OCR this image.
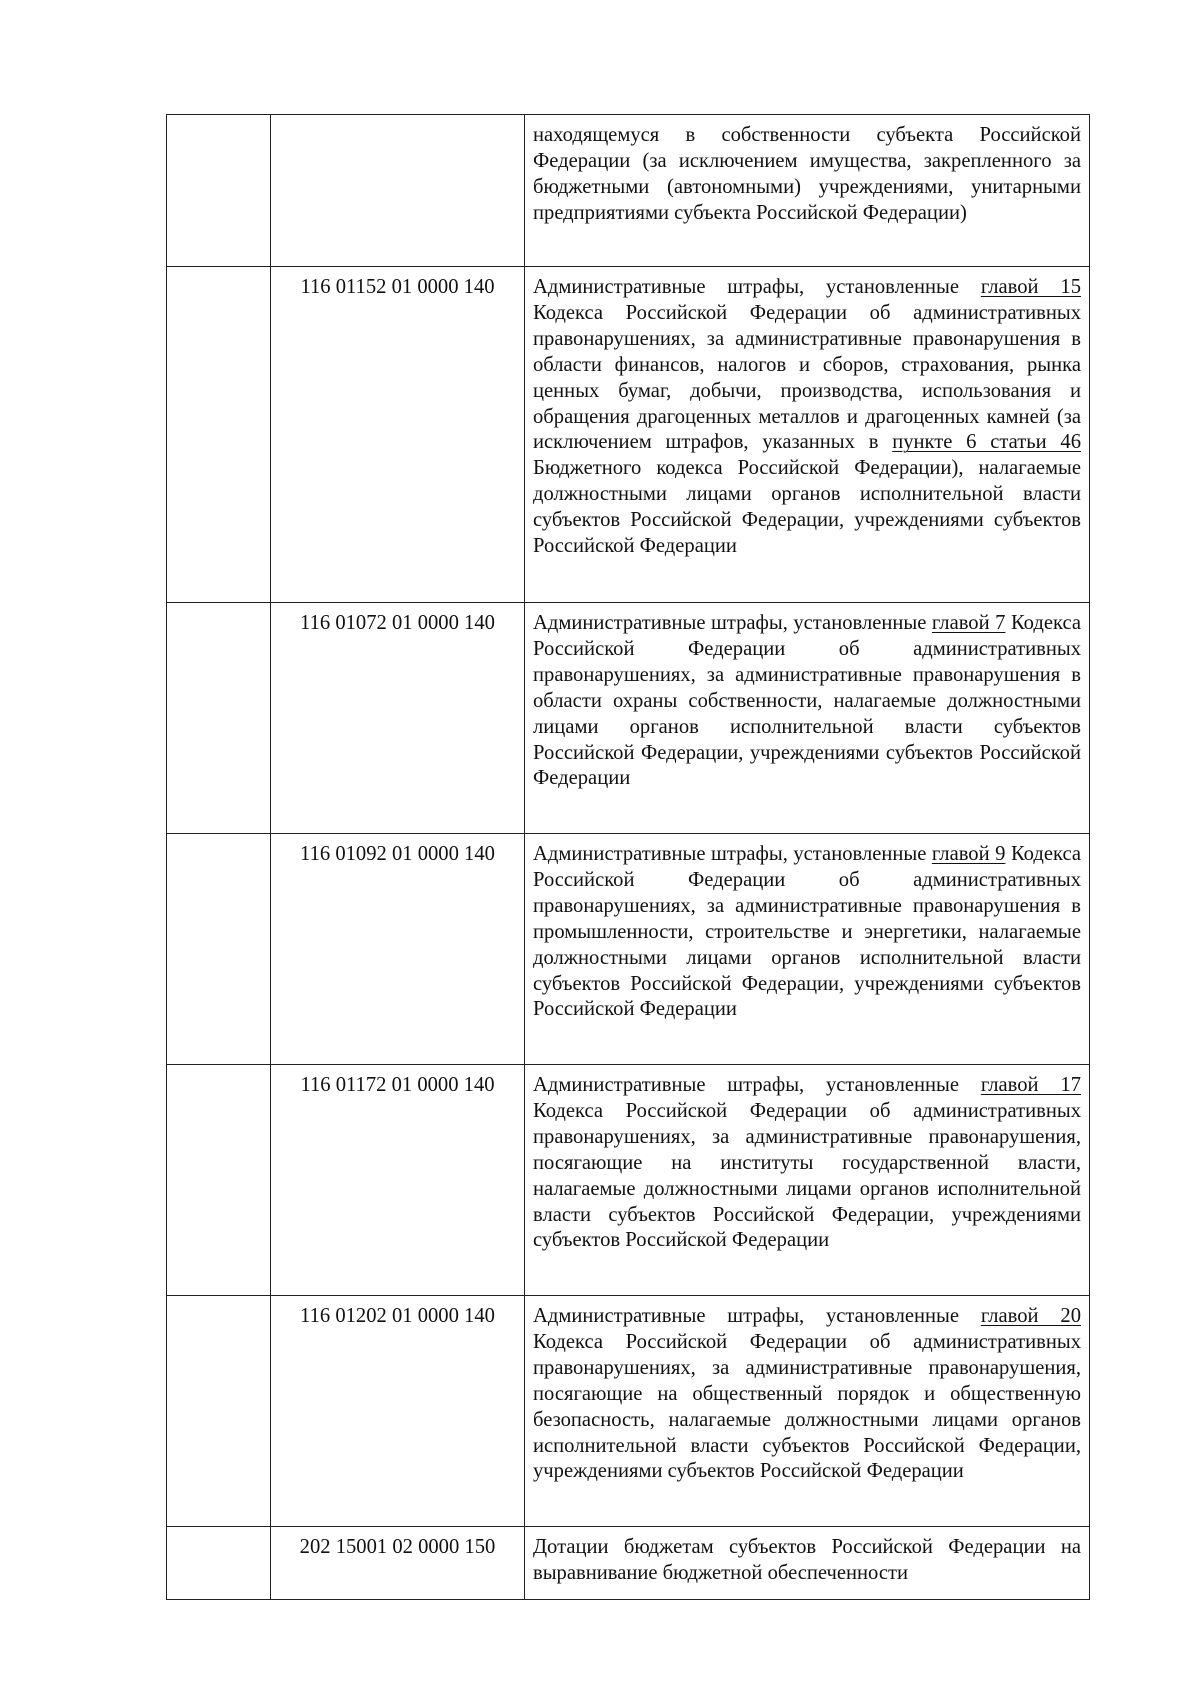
		находящемуся в собственности субъекта Российской Федерации (за исключением имущества, закрепленного за бюджетными (автономными) учреждениями, унитарными предприятиями субъекта Российской Федерации)
	116 01152 01 0000 140	Административные штрафы, установленные главой 15 Кодекса Российской Федерации об административных правонарушениях, за административные правонарушения в области финансов, налогов и сборов, страхования, рынка ценных бумаг, добычи, производства, использования и обращения драгоценных металлов и драгоценных камней (за исключением штрафов, указанных в пункте 6 статьи 46 Бюджетного кодекса Российской Федерации), налагаемые должностными лицами органов исполнительной власти субъектов Российской Федерации, учреждениями субъектов Российской Федерации
	116 01072 01 0000 140	Административные штрафы, установленные главой 7 Кодекса Российской Федерации об административных правонарушениях, за административные правонарушения в области охраны собственности, налагаемые должностными лицами органов исполнительной власти субъектов Российской Федерации, учреждениями субъектов Российской Федерации
	116 01092 01 0000 140	Административные штрафы, установленные главой 9 Кодекса Российской Федерации об административных правонарушениях, за административные правонарушения в промышленности, строительстве и энергетики, налагаемые должностными лицами органов исполнительной власти субъектов Российской Федерации, учреждениями субъектов Российской Федерации
	116 01172 01 0000 140	Административные штрафы, установленные главой 17 Кодекса Российской Федерации об административных правонарушениях, за административные правонарушения, посягающие на институты государственной власти, налагаемые должностными лицами органов исполнительной власти субъектов Российской Федерации, учреждениями субъектов Российской Федерации
	116 01202 01 0000 140	Административные штрафы, установленные главой 20 Кодекса Российской Федерации об административных правонарушениях, за административные правонарушения, посягающие на общественный порядок и общественную безопасность, налагаемые должностными лицами органов исполнительной власти субъектов Российской Федерации, учреждениями субъектов Российской Федерации
	202 15001 02 0000 150	Дотации бюджетам субъектов Российской Федерации на выравнивание бюджетной обеспеченности
